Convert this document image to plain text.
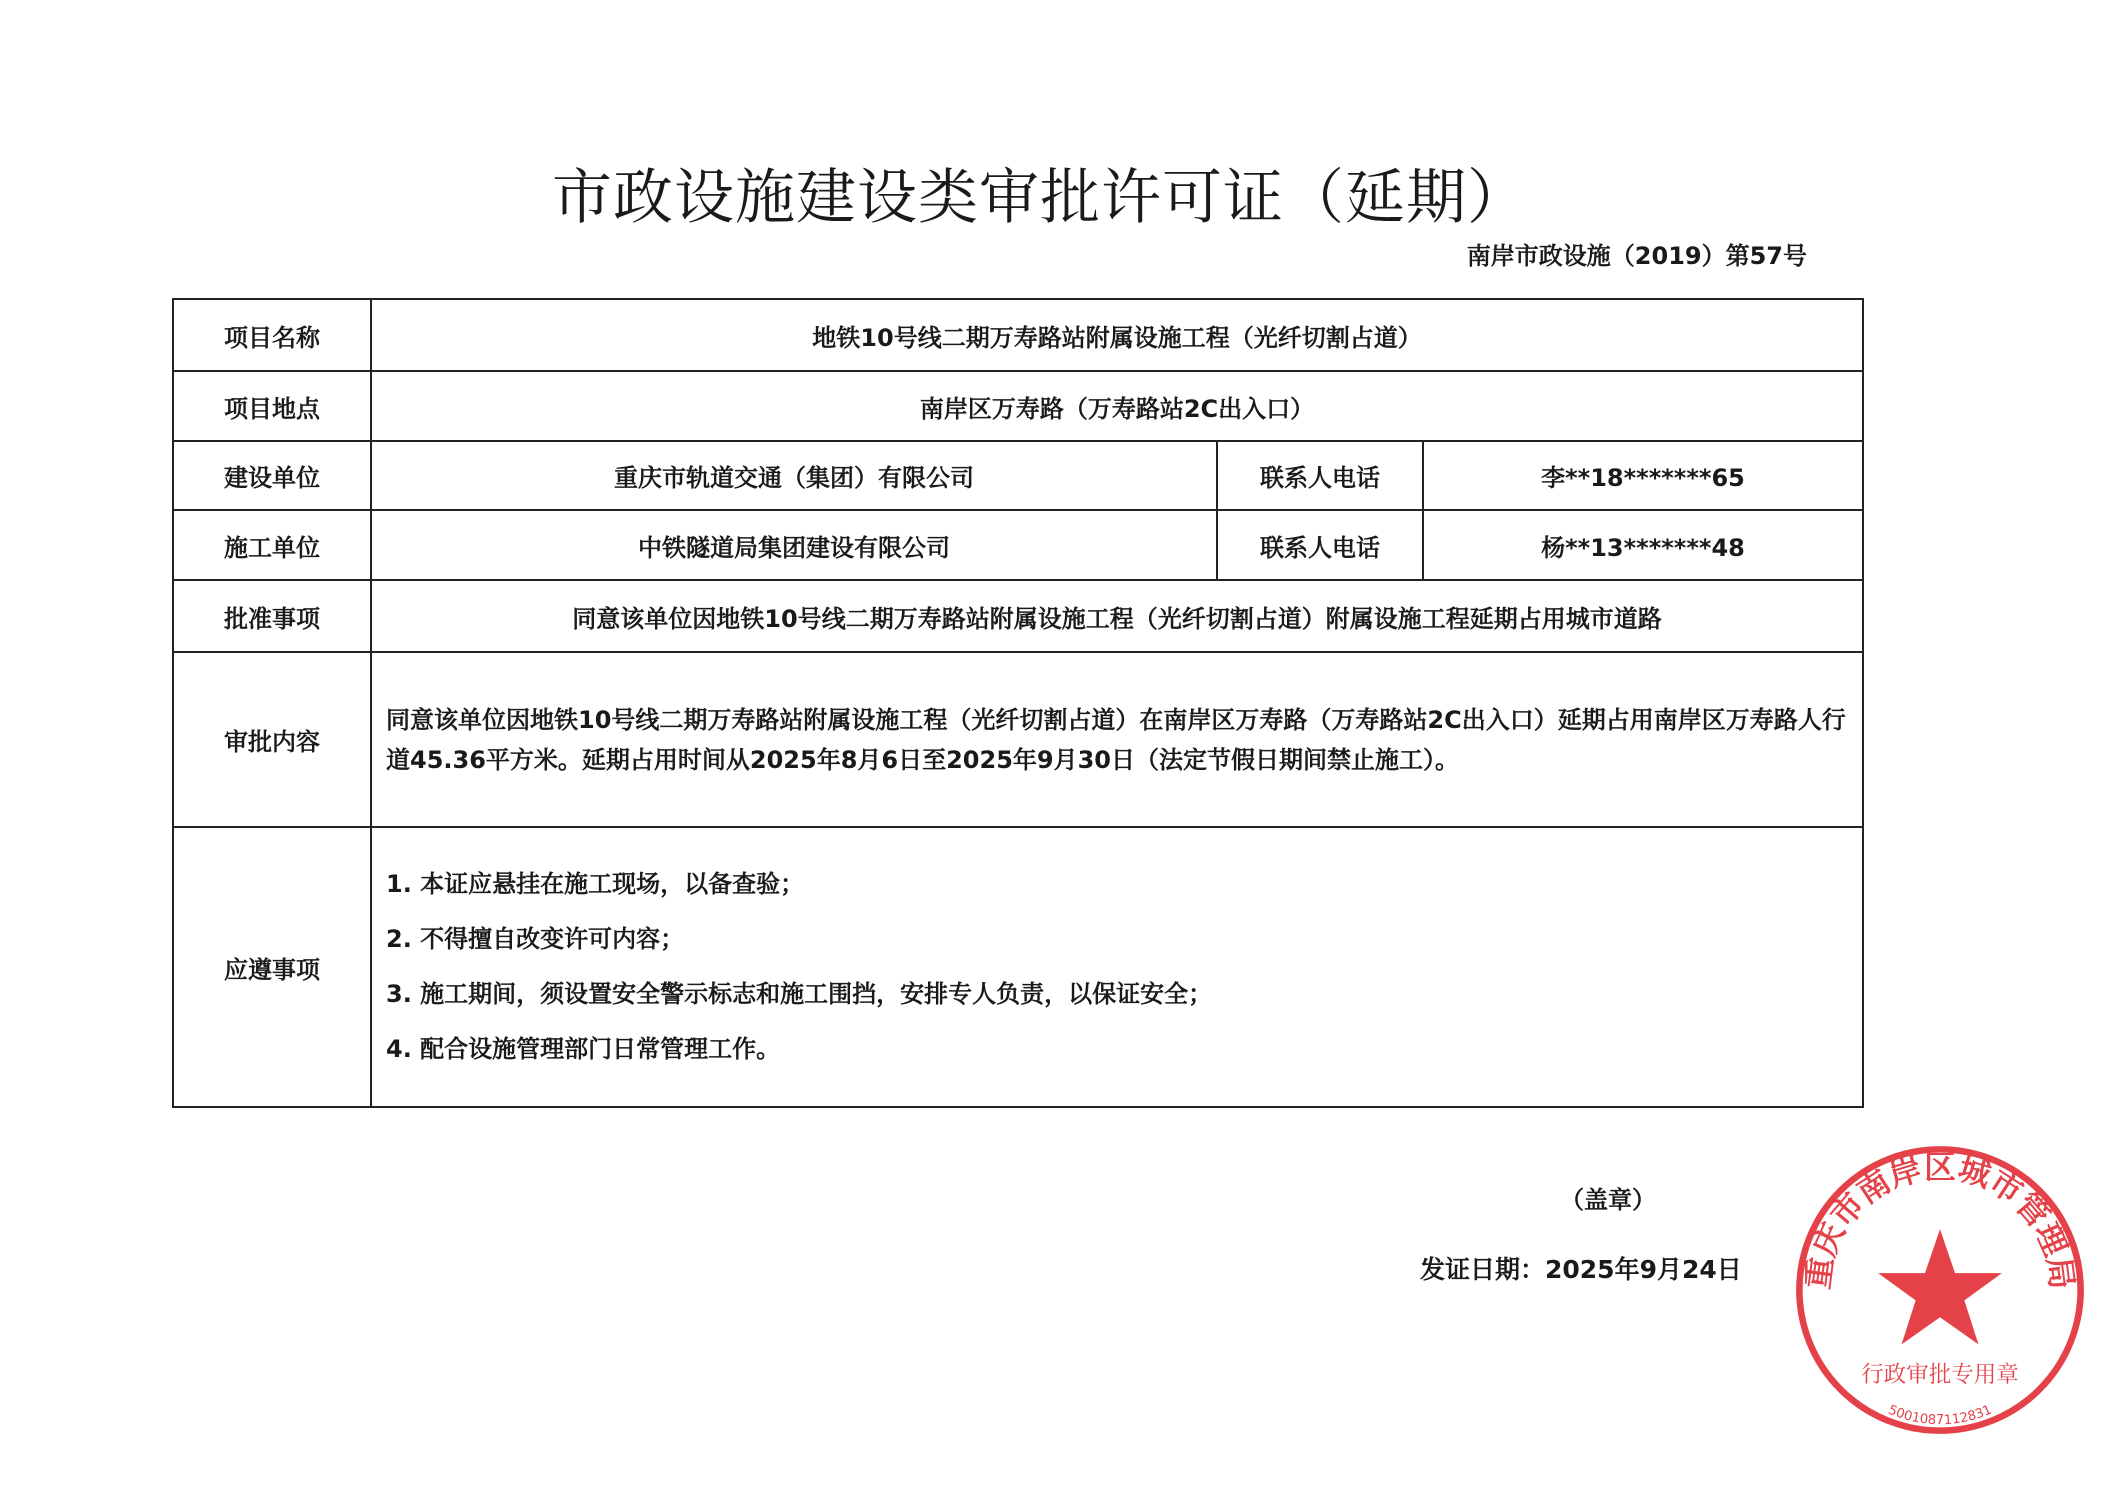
市政设施建设类审批许可证（延期）
南岸市政设施（2019）第57号
项目名称	地铁10号线二期万寿路站附属设施工程（光纤切割占道）		
项目地点	南岸区万寿路（万寿路站2C出入口）		
建设单位	重庆市轨道交通（集团）有限公司	联系人电话	李**18*******65
施工单位	中铁隧道局集团建设有限公司	联系人电话	杨**13*******48
批准事项	同意该单位因地铁10号线二期万寿路站附属设施工程（光纤切割占道）附属设施工程延期占用城市道路		
审批内容	同意该单位因地铁10号线二期万寿路站附属设施工程（光纤切割占道）在南岸区万寿路（万寿路站2C出入口）延期占用南岸区万寿路人行道45.36平方米。延期占用时间从2025年8月6日至2025年9月30日（法定节假日期间禁止施工）。		
应遵事项	1. 本证应悬挂在施工现场，以备查验；
2. 不得擅自改变许可内容；
3. 施工期间，须设置安全警示标志和施工围挡，安排专人负责，以保证安全；
4. 配合设施管理部门日常管理工作。		
（盖章）
发证日期：2025年9月24日 重庆市南岸区城市管理局
行政审批专用章
5001087112831
